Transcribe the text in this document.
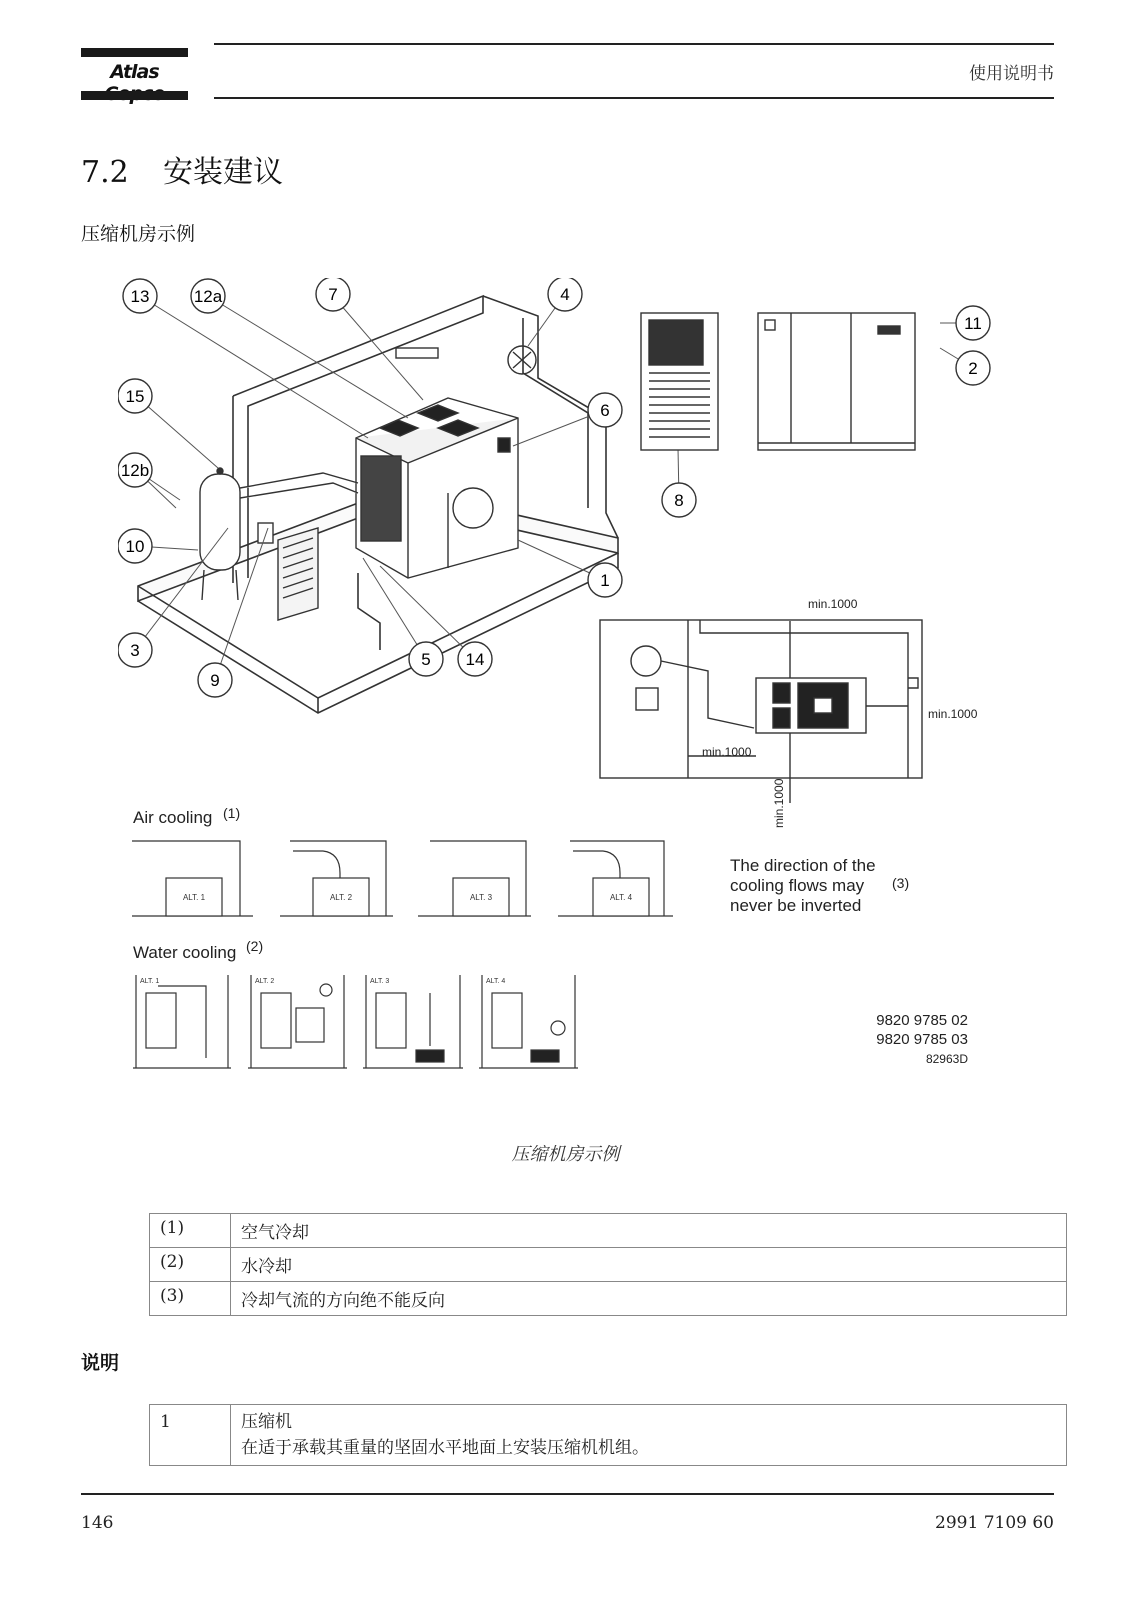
Atlas	使用说明书
7.2 安装建议
压缩机房示例
13	12a	7	4
15
6
12b
10
3
9
5 14
1
11
2
8
min.1000
min.1000
min.1000
min.1000
Air cooling (1)
ALT. 1	ALT. 2	ALT. 3	ALT. 4
The direction of the
cooling flows may
never be inverted
(3)
Water cooling (2)
ALT. 1	ALT. 2	ALT. 3	ALT. 4
9820 9785 02
9820 9785 03
82963D
压缩机房示例
(1)	空气冷却
(2)	水冷却
(3)	冷却气流的方向绝不能反向
说明
1	压缩机
在适于承载其重量的坚固水平地面上安装压缩机机组。
146	2991 7109 60
